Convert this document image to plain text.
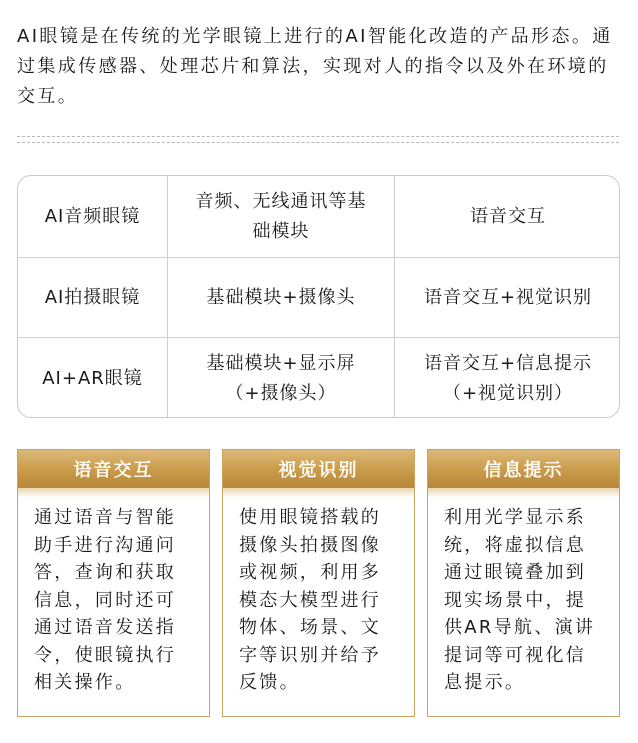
AI眼镜是在传统的光学眼镜上进行的AI智能化改造的产品形态。通过集成传感器、处理芯片和算法，实现对人的指令以及外在环境的交互。

AI音频眼镜
音频、无线通讯等基础模块
语音交互
AI拍摄眼镜	基础模块+摄像头	语音交互+视觉识别
AI+AR眼镜
基础模块+显示屏（+摄像头）
语音交互+信息提示（+视觉识别）
语音交互
通过语音与智能助手进行沟通问答，查询和获取信息，同时还可通过语音发送指令，使眼镜执行相关操作。
视觉识别
使用眼镜搭载的摄像头拍摄图像或视频，利用多模态大模型进行物体、场景、文字等识别并给予反馈。
信息提示
利用光学显示系统，将虚拟信息通过眼镜叠加到现实场景中，提供AR导航、演讲提词等可视化信息提示。
